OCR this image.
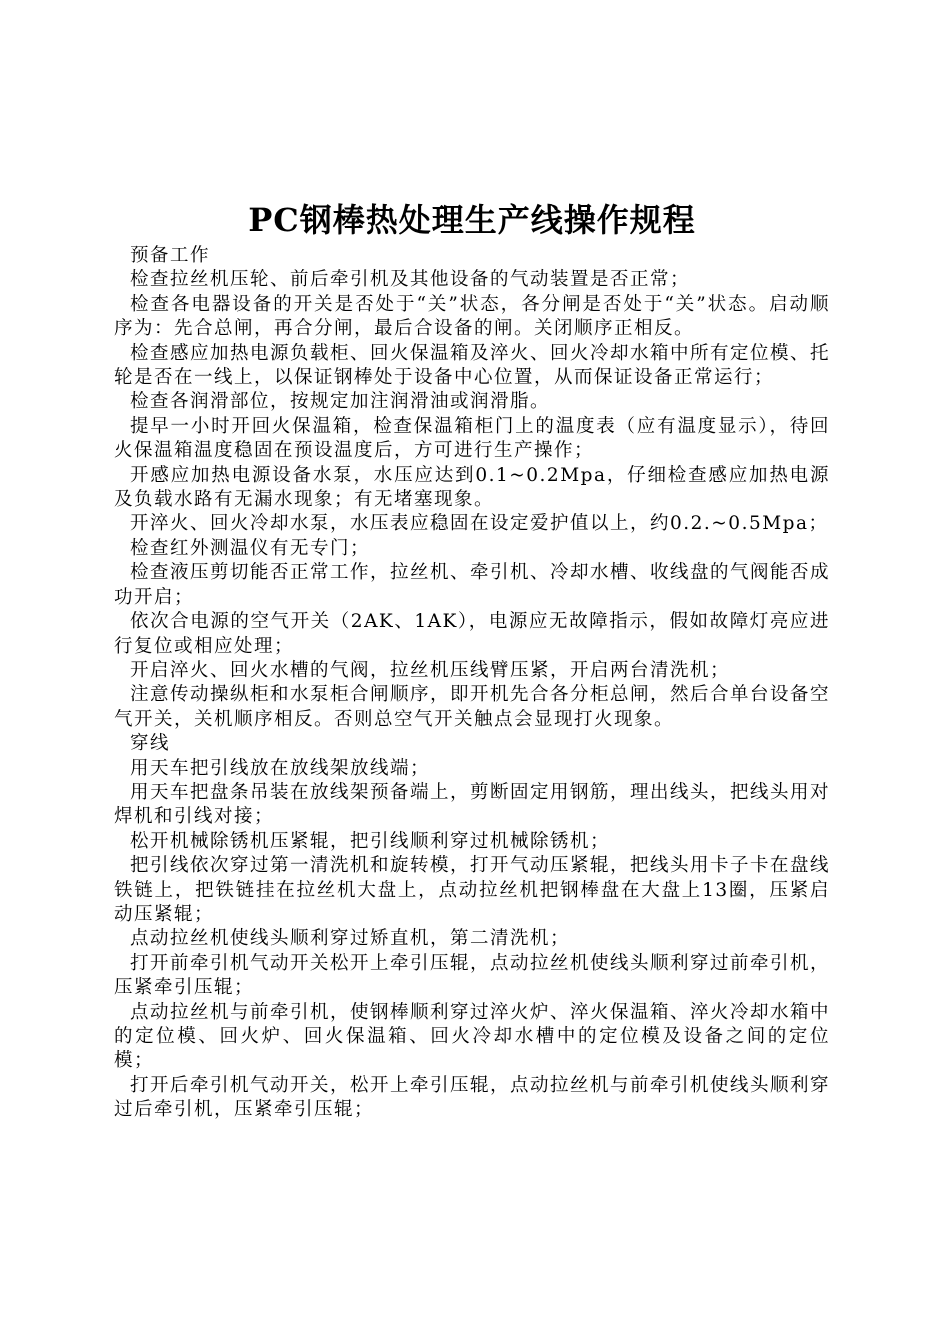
PC钢棒热处理生产线操作规程

预备工作

检查拉丝机压轮、前后牵引机及其他设备的气动装置是否正常；

检查各电器设备的开关是否处于“关”状态，各分闸是否处于“关”状态。启动顺序为：先合总闸，再合分闸，最后合设备的闸。关闭顺序正相反。

检查感应加热电源负载柜、回火保温箱及淬火、回火冷却水箱中所有定位模、托轮是否在一线上，以保证钢棒处于设备中心位置，从而保证设备正常运行；

检查各润滑部位，按规定加注润滑油或润滑脂。

提早一小时开回火保温箱，检查保温箱柜门上的温度表（应有温度显示），待回火保温箱温度稳固在预设温度后，方可进行生产操作；

开感应加热电源设备水泵，水压应达到0.1~0.2Mpa，仔细检查感应加热电源及负载水路有无漏水现象；有无堵塞现象。

开淬火、回火冷却水泵，水压表应稳固在设定爱护值以上，约0.2.~0.5Mpa；

检查红外测温仪有无专门；

检查液压剪切能否正常工作，拉丝机、牵引机、冷却水槽、收线盘的气阀能否成功开启；

依次合电源的空气开关（2AK、1AK），电源应无故障指示，假如故障灯亮应进行复位或相应处理；

开启淬火、回火水槽的气阀，拉丝机压线臂压紧，开启两台清洗机；

注意传动操纵柜和水泵柜合闸顺序，即开机先合各分柜总闸，然后合单台设备空气开关，关机顺序相反。否则总空气开关触点会显现打火现象。

穿线

用天车把引线放在放线架放线端；

用天车把盘条吊装在放线架预备端上，剪断固定用钢筋，理出线头，把线头用对焊机和引线对接；

松开机械除锈机压紧辊，把引线顺利穿过机械除锈机；

把引线依次穿过第一清洗机和旋转模，打开气动压紧辊，把线头用卡子卡在盘线铁链上，把铁链挂在拉丝机大盘上，点动拉丝机把钢棒盘在大盘上13圈，压紧启动压紧辊；

点动拉丝机使线头顺利穿过矫直机，第二清洗机；

打开前牵引机气动开关松开上牵引压辊，点动拉丝机使线头顺利穿过前牵引机，压紧牵引压辊；

点动拉丝机与前牵引机，使钢棒顺利穿过淬火炉、淬火保温箱、淬火冷却水箱中的定位模、回火炉、回火保温箱、回火冷却水槽中的定位模及设备之间的定位模；

打开后牵引机气动开关，松开上牵引压辊，点动拉丝机与前牵引机使线头顺利穿过后牵引机，压紧牵引压辊；
